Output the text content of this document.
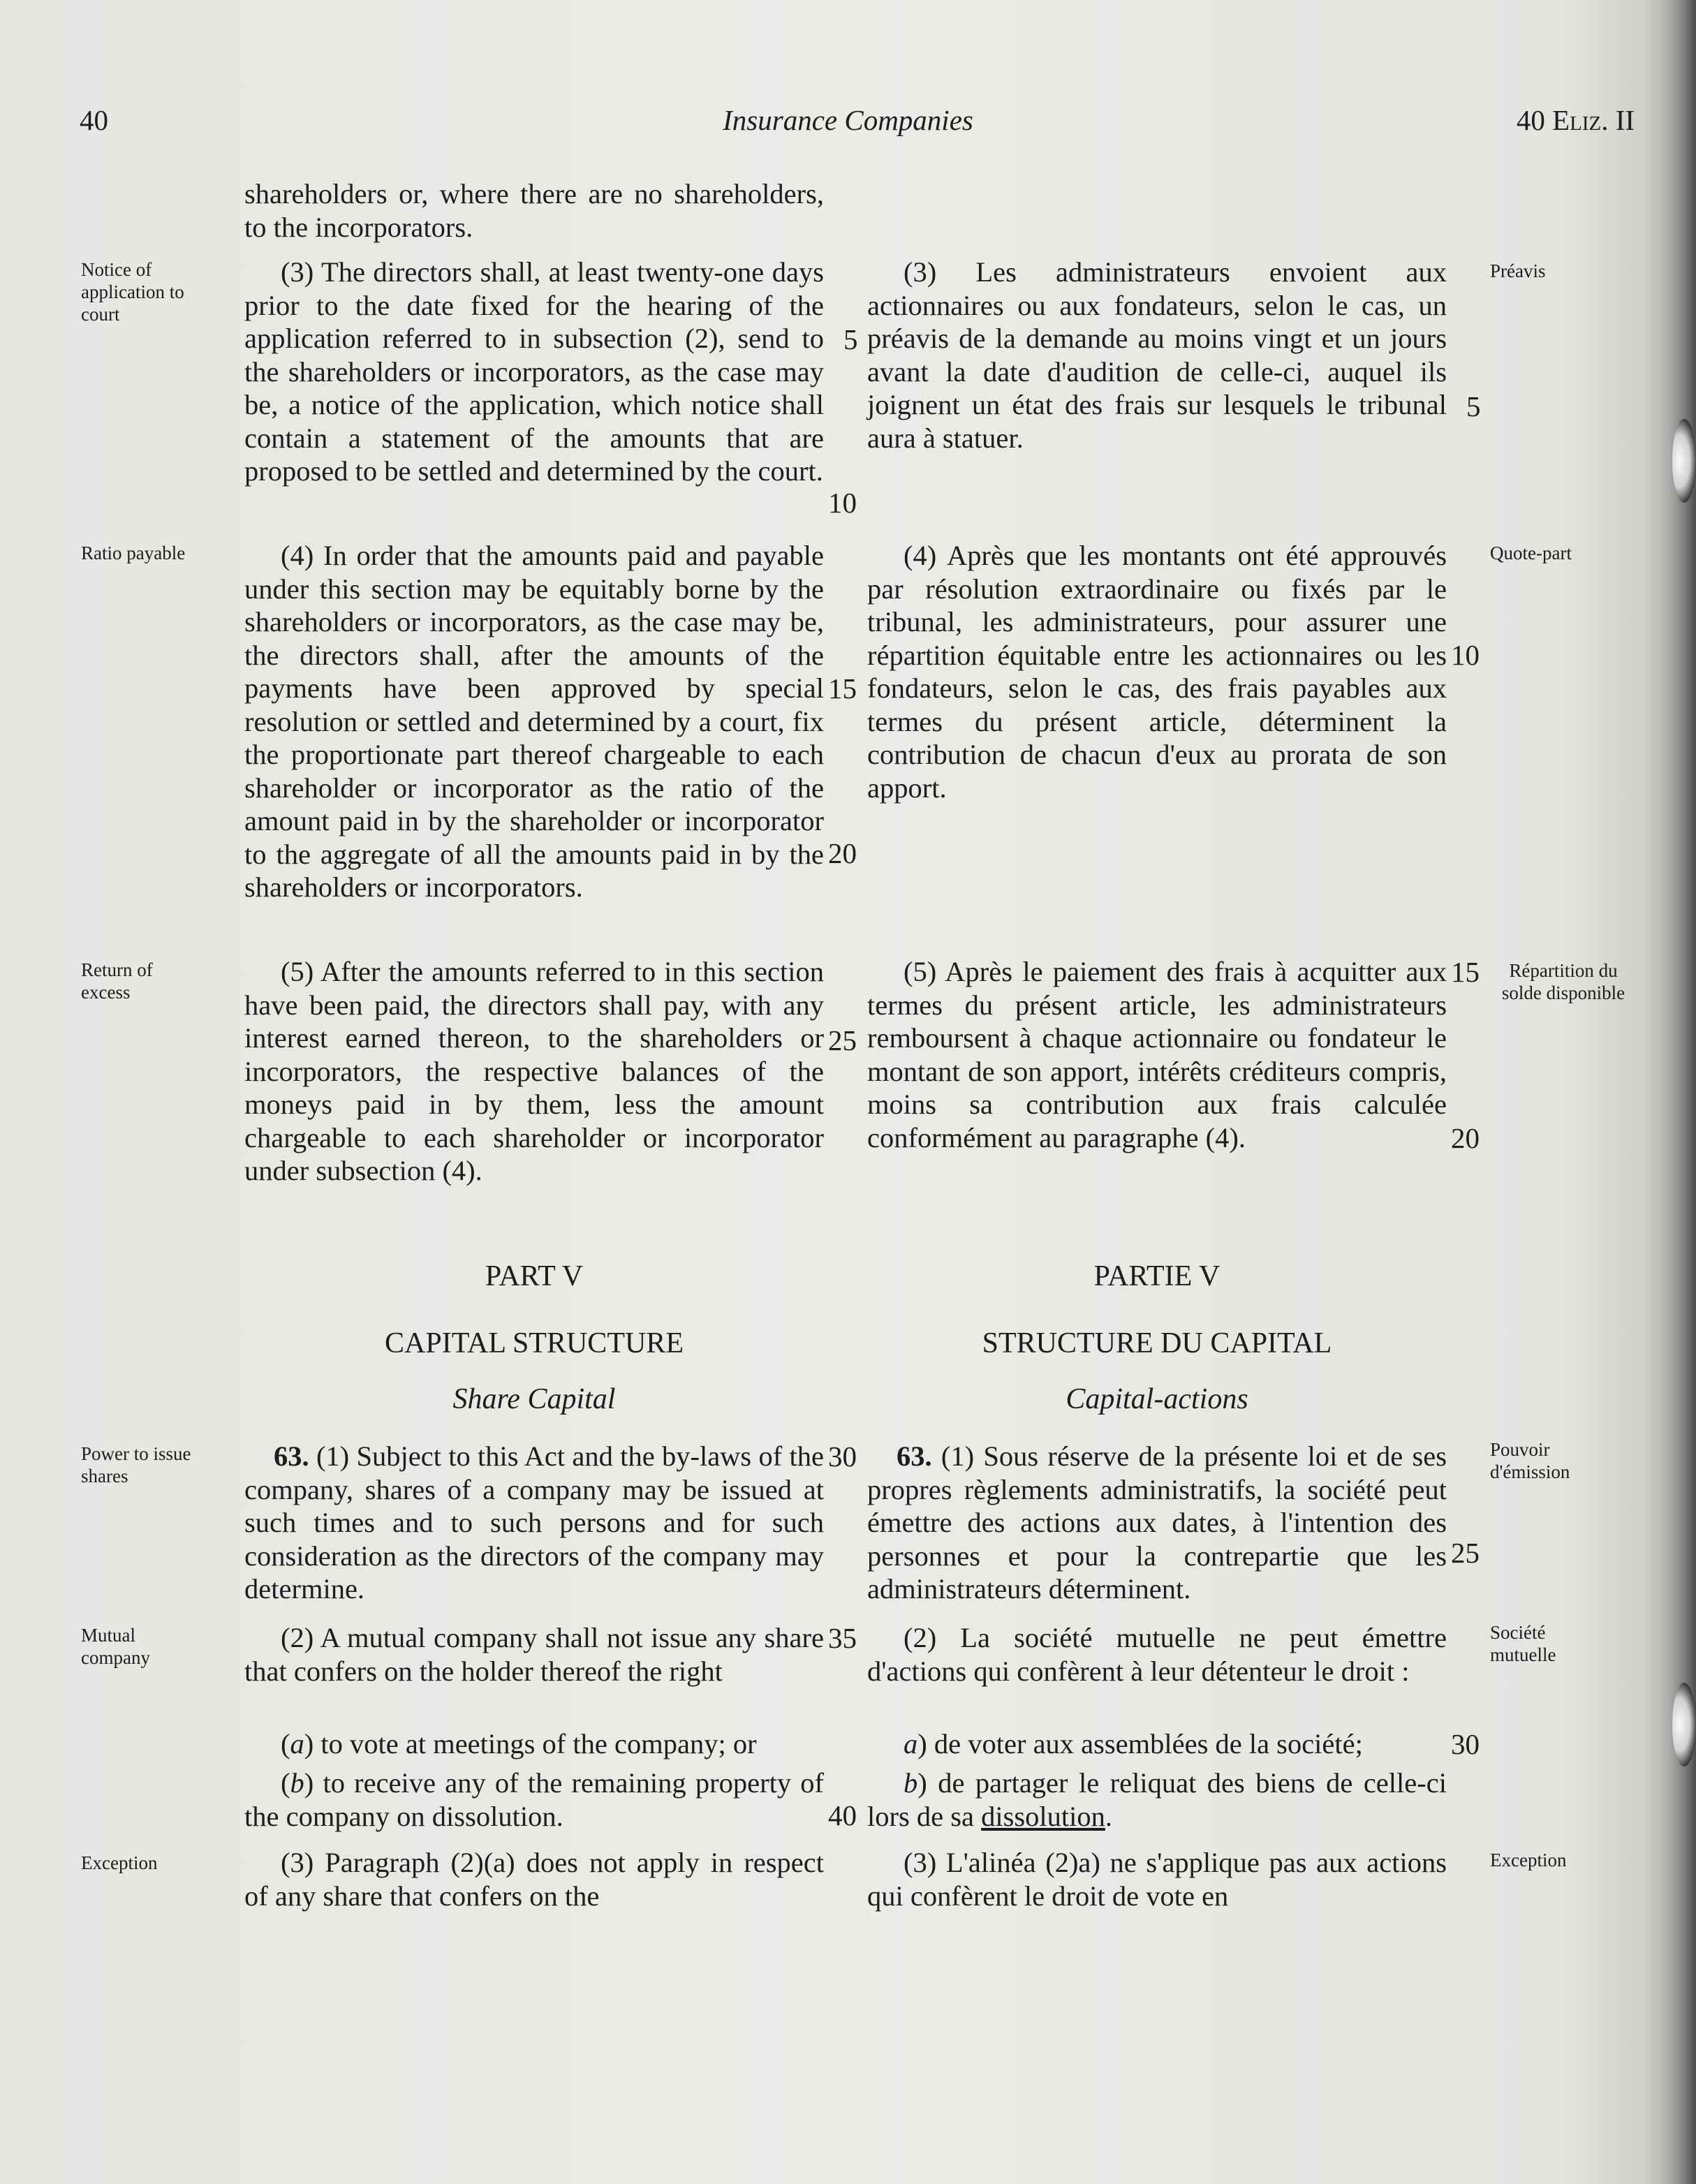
40	Insurance Companies	40 Eliz. II
Notice of application to court
Ratio payable
Return of excess
Power to issue shares
Mutual company
Exception
Préavis
Quote-part
Répartition du solde disponible
Pouvoir d'émission
Société mutuelle
Exception

shareholders or, where there are no shareholders, to the incorporators.

(3) The directors shall, at least twenty-one days prior to the date fixed for the hearing of the application referred to in subsection (2), send to the shareholders or incorporators, as the case may be, a notice of the application, which notice shall contain a statement of the amounts that are proposed to be settled and determined by the court.

(4) In order that the amounts paid and payable under this section may be equitably borne by the shareholders or incorporators, as the case may be, the directors shall, after the amounts of the payments have been approved by special resolution or settled and determined by a court, fix the proportionate part thereof chargeable to each shareholder or incorporator as the ratio of the amount paid in by the shareholder or incorporator to the aggregate of all the amounts paid in by the shareholders or incorporators.

(5) After the amounts referred to in this section have been paid, the directors shall pay, with any interest earned thereon, to the shareholders or incorporators, the respective balances of the moneys paid in by them, less the amount chargeable to each shareholder or incorporator under subsection (4).

PART V
CAPITAL STRUCTURE
Share Capital

63. (1) Subject to this Act and the by-laws of the company, shares of a company may be issued at such times and to such persons and for such consideration as the directors of the company may determine.

(2) A mutual company shall not issue any share that confers on the holder thereof the right

(a) to vote at meetings of the company; or

(b) to receive any of the remaining property of the company on dissolution.

(3) Paragraph (2)(a) does not apply in respect of any share that confers on the

5
10
15
20
25
30
35
40

(3) Les administrateurs envoient aux actionnaires ou aux fondateurs, selon le cas, un préavis de la demande au moins vingt et un jours avant la date d'audition de celle-ci, auquel ils joignent un état des frais sur lesquels le tribunal aura à statuer.

(4) Après que les montants ont été approuvés par résolution extraordinaire ou fixés par le tribunal, les administrateurs, pour assurer une répartition équitable entre les actionnaires ou les fondateurs, selon le cas, des frais payables aux termes du présent article, déterminent la contribution de chacun d'eux au prorata de son apport.

(5) Après le paiement des frais à acquitter aux termes du présent article, les administrateurs remboursent à chaque actionnaire ou fondateur le montant de son apport, intérêts créditeurs compris, moins sa contribution aux frais calculée conformément au paragraphe (4).

PARTIE V
STRUCTURE DU CAPITAL
Capital-actions

63. (1) Sous réserve de la présente loi et de ses propres règlements administratifs, la société peut émettre des actions aux dates, à l'intention des personnes et pour la contrepartie que les administrateurs déterminent.

(2) La société mutuelle ne peut émettre d'actions qui confèrent à leur détenteur le droit :

a) de voter aux assemblées de la société;

b) de partager le reliquat des biens de celle-ci lors de sa dissolution.

(3) L'alinéa (2)a) ne s'applique pas aux actions qui confèrent le droit de vote en

5
10
15
20
25
30
